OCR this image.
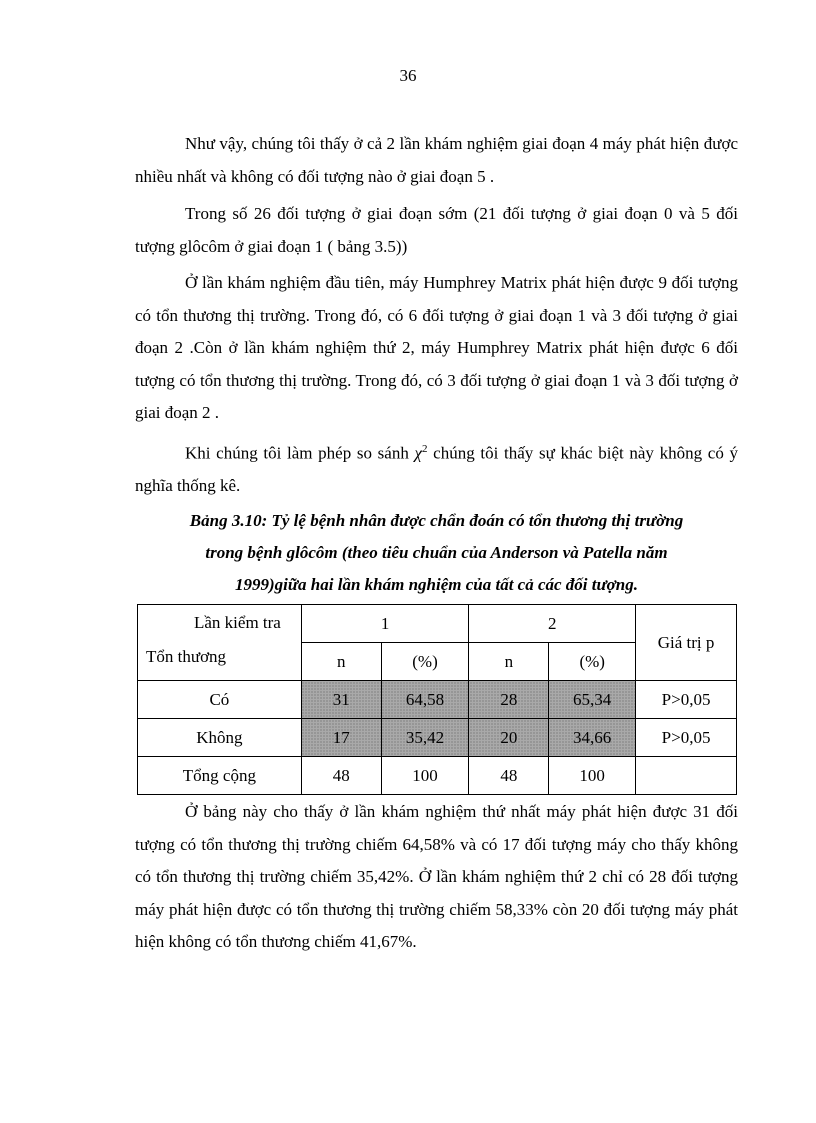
36

Như vậy, chúng tôi thấy ở cả 2 lần khám nghiệm giai đoạn 4 máy phát hiện được nhiều nhất và không có đối tượng nào ở giai đoạn 5 .

Trong số 26 đối tượng ở giai đoạn sớm (21 đối tượng ở giai đoạn 0 và 5 đối tượng glôcôm ở giai đoạn 1 ( bảng 3.5))

Ở lần khám nghiệm đầu tiên, máy Humphrey Matrix phát hiện được 9 đối tượng có tổn thương thị trường. Trong đó, có 6 đối tượng ở giai đoạn 1 và 3 đối tượng ở giai đoạn 2 .Còn ở lần khám nghiệm thứ 2, máy Humphrey Matrix phát hiện được 6 đối tượng có tổn thương thị trường. Trong đó, có 3 đối tượng ở giai đoạn 1 và 3 đối tượng ở giai đoạn 2 .

Khi chúng tôi làm phép so sánh $\chi^2$ chúng tôi thấy sự khác biệt này không có ý nghĩa thống kê.

Bảng 3.10: Tỷ lệ bệnh nhân được chẩn đoán có tổn thương thị trường
trong bệnh glôcôm (theo tiêu chuẩn của Anderson và Patella năm
1999)giữa hai lần khám nghiệm của tất cả các đối tượng.

Lần kiểm tra
Tổn thương	1		2		Giá trị p
	n	(%)	n	(%)	
Có	31	64,58	28	65,34	P>0,05
Không	17	35,42	20	34,66	P>0,05
Tổng cộng	48	100	48	100	

Ở bảng này cho thấy ở lần khám nghiệm thứ nhất máy phát hiện được 31 đối tượng có tổn thương thị trường chiếm 64,58% và có 17 đối tượng máy cho thấy không có tổn thương thị trường chiếm 35,42%. Ở lần khám nghiệm thứ 2 chỉ có 28 đối tượng máy phát hiện được có tổn thương thị trường chiếm 58,33% còn 20 đối tượng máy phát hiện không có tổn thương chiếm 41,67%.
